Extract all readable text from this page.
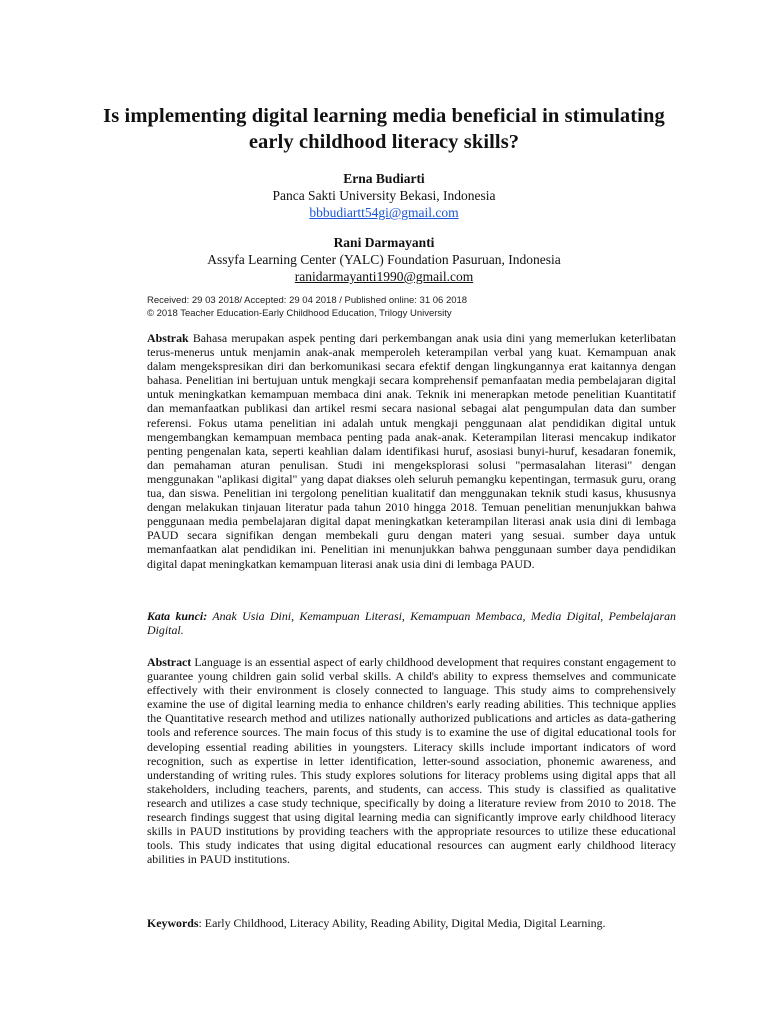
Is implementing digital learning media beneficial in stimulating early childhood literacy skills?
Erna Budiarti
Panca Sakti University Bekasi, Indonesia
bbbudiartt54gi@gmail.com
Rani Darmayanti
Assyfa Learning Center (YALC) Foundation Pasuruan, Indonesia
ranidarmayanti1990@gmail.com
Received: 29 03 2018/ Accepted: 29 04 2018 / Published online: 31 06 2018
© 2018 Teacher Education-Early Childhood Education, Trilogy University

Abstrak Bahasa merupakan aspek penting dari perkembangan anak usia dini yang memerlukan keterlibatan terus-menerus untuk menjamin anak-anak memperoleh keterampilan verbal yang kuat. Kemampuan anak dalam mengekspresikan diri dan berkomunikasi secara efektif dengan lingkungannya erat kaitannya dengan bahasa. Penelitian ini bertujuan untuk mengkaji secara komprehensif pemanfaatan media pembelajaran digital untuk meningkatkan kemampuan membaca dini anak. Teknik ini menerapkan metode penelitian Kuantitatif dan memanfaatkan publikasi dan artikel resmi secara nasional sebagai alat pengumpulan data dan sumber referensi. Fokus utama penelitian ini adalah untuk mengkaji penggunaan alat pendidikan digital untuk mengembangkan kemampuan membaca penting pada anak-anak. Keterampilan literasi mencakup indikator penting pengenalan kata, seperti keahlian dalam identifikasi huruf, asosiasi bunyi-huruf, kesadaran fonemik, dan pemahaman aturan penulisan. Studi ini mengeksplorasi solusi "permasalahan literasi" dengan menggunakan "aplikasi digital" yang dapat diakses oleh seluruh pemangku kepentingan, termasuk guru, orang tua, dan siswa. Penelitian ini tergolong penelitian kualitatif dan menggunakan teknik studi kasus, khususnya dengan melakukan tinjauan literatur pada tahun 2010 hingga 2018. Temuan penelitian menunjukkan bahwa penggunaan media pembelajaran digital dapat meningkatkan keterampilan literasi anak usia dini di lembaga PAUD secara signifikan dengan membekali guru dengan materi yang sesuai. sumber daya untuk memanfaatkan alat pendidikan ini. Penelitian ini menunjukkan bahwa penggunaan sumber daya pendidikan digital dapat meningkatkan kemampuan literasi anak usia dini di lembaga PAUD.

Kata kunci: Anak Usia Dini, Kemampuan Literasi, Kemampuan Membaca, Media Digital, Pembelajaran Digital.

Abstract Language is an essential aspect of early childhood development that requires constant engagement to guarantee young children gain solid verbal skills. A child's ability to express themselves and communicate effectively with their environment is closely connected to language. This study aims to comprehensively examine the use of digital learning media to enhance children's early reading abilities. This technique applies the Quantitative research method and utilizes nationally authorized publications and articles as data-gathering tools and reference sources. The main focus of this study is to examine the use of digital educational tools for developing essential reading abilities in youngsters. Literacy skills include important indicators of word recognition, such as expertise in letter identification, letter-sound association, phonemic awareness, and understanding of writing rules. This study explores solutions for literacy problems using digital apps that all stakeholders, including teachers, parents, and students, can access. This study is classified as qualitative research and utilizes a case study technique, specifically by doing a literature review from 2010 to 2018. The research findings suggest that using digital learning media can significantly improve early childhood literacy skills in PAUD institutions by providing teachers with the appropriate resources to utilize these educational tools. This study indicates that using digital educational resources can augment early childhood literacy abilities in PAUD institutions.

Keywords: Early Childhood, Literacy Ability, Reading Ability, Digital Media, Digital Learning.
